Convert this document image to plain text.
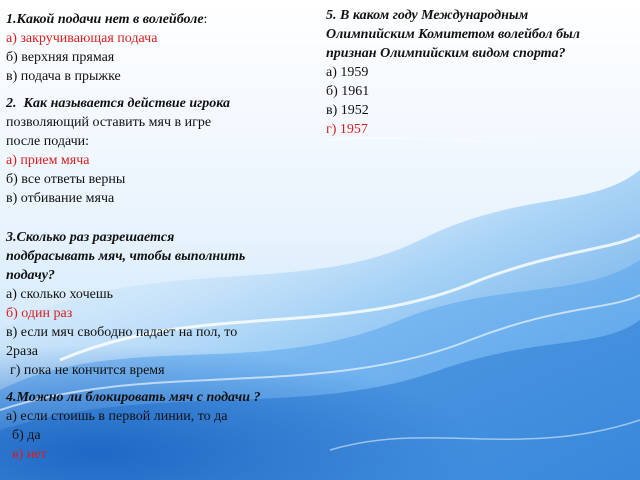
1.Какой подачи нет в волейболе:

а) закручивающая подача

б) верхняя прямая

в) подача в прыжке

2. Как называется действие игрока

позволяющий оставить мяч в игре

после подачи:

а) прием мяча

б) все ответы верны

в) отбивание мяча

3.Сколько раз разрешается

подбрасывать мяч, чтобы выполнить

подачу?

а) сколько хочешь

б) один раз

в) если мяч свободно падает на пол, то

2раза

г) пока не кончится время

4.Можно ли блокировать мяч с подачи ?

а) если стоишь в первой линии, то да

б) да

в) нет

5. В каком году Международным

Олимпийским Комитетом волейбол был

признан Олимпийским видом спорта?

а) 1959

б) 1961

в) 1952

г) 1957
